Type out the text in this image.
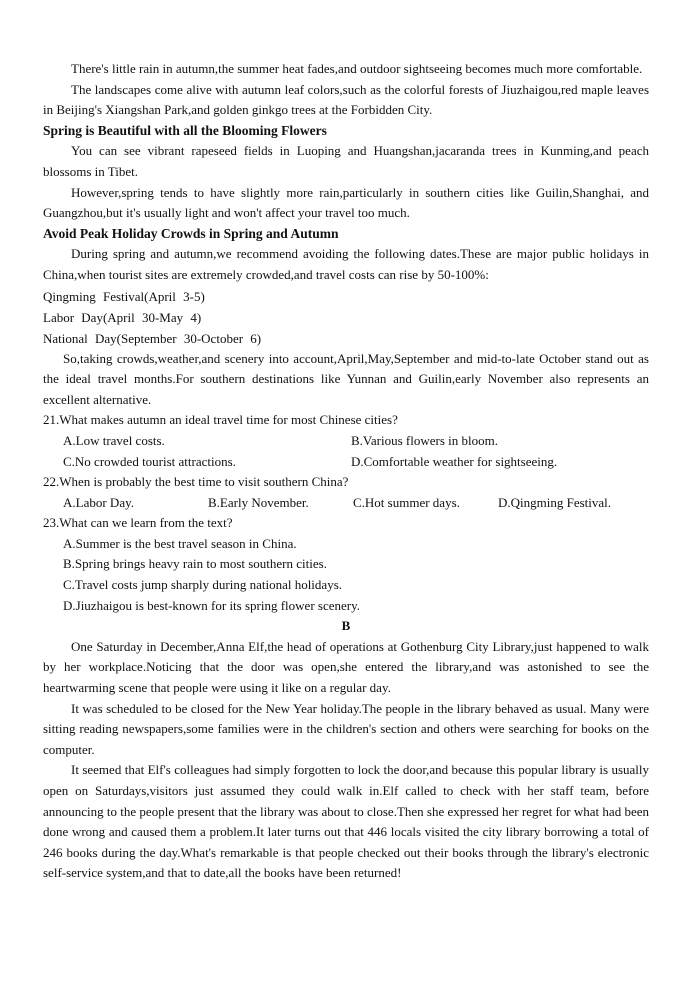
There's little rain in autumn,the summer heat fades,and outdoor sightseeing becomes much more comfortable.

The landscapes come alive with autumn leaf colors,such as the colorful forests of Jiuzhaigou,red maple leaves in Beijing's Xiangshan Park,and golden ginkgo trees at the Forbidden City.

Spring is Beautiful with all the Blooming Flowers

You can see vibrant rapeseed fields in Luoping and Huangshan,jacaranda trees in Kunming,and peach blossoms in Tibet.

However,spring tends to have slightly more rain,particularly in southern cities like Guilin,Shanghai, and Guangzhou,but it's usually light and won't affect your travel too much.

Avoid Peak Holiday Crowds in Spring and Autumn

During spring and autumn,we recommend avoiding the following dates.These are major public holidays in China,when tourist sites are extremely crowded,and travel costs can rise by 50-100%:

Qingming Festival(April 3-5)

Labor Day(April 30-May 4)

National Day(September 30-October 6)

So,taking crowds,weather,and scenery into account,April,May,September and mid-to-late October stand out as the ideal travel months.For southern destinations like Yunnan and Guilin,early November also represents an excellent alternative.

21.What makes autumn an ideal travel time for most Chinese cities?

A.Low travel costs.	B.Various flowers in bloom.
C.No crowded tourist attractions.	D.Comfortable weather for sightseeing.

22.When is probably the best time to visit southern China?

A.Labor Day.	B.Early November.	C.Hot summer days.	D.Qingming Festival.

23.What can we learn from the text?

A.Summer is the best travel season in China.
B.Spring brings heavy rain to most southern cities.
C.Travel costs jump sharply during national holidays.
D.Jiuzhaigou is best-known for its spring flower scenery.

B

One Saturday in December,Anna Elf,the head of operations at Gothenburg City Library,just happened to walk by her workplace.Noticing that the door was open,she entered the library,and was astonished to see the heartwarming scene that people were using it like on a regular day.

It was scheduled to be closed for the New Year holiday.The people in the library behaved as usual. Many were sitting reading newspapers,some families were in the children's section and others were searching for books on the computer.

It seemed that Elf's colleagues had simply forgotten to lock the door,and because this popular library is usually open on Saturdays,visitors just assumed they could walk in.Elf called to check with her staff team, before announcing to the people present that the library was about to close.Then she expressed her regret for what had been done wrong and caused them a problem.It later turns out that 446 locals visited the city library borrowing a total of 246 books during the day.What's remarkable is that people checked out their books through the library's electronic self-service system,and that to date,all the books have been returned!
